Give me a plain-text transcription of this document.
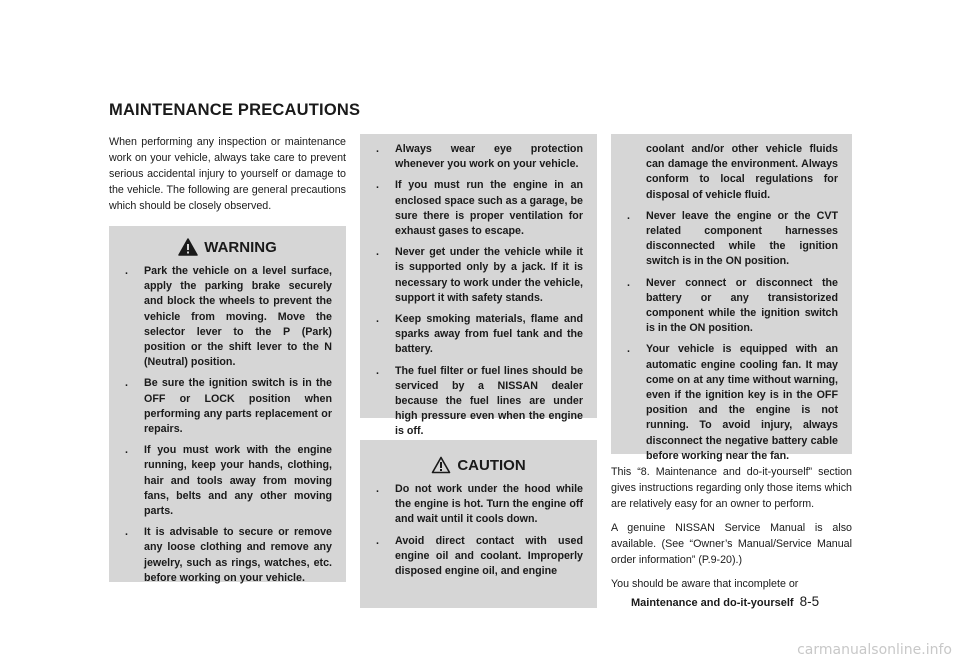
MAINTENANCE PRECAUTIONS

When performing any inspection or maintenance work on your vehicle, always take care to prevent serious accidental injury to yourself or damage to the vehicle. The following are general precautions which should be closely observed.

WARNING
. Park the vehicle on a level surface, apply the parking brake securely and block the wheels to prevent the vehicle from moving. Move the selector lever to the P (Park) position or the shift lever to the N (Neutral) position.
. Be sure the ignition switch is in the OFF or LOCK position when performing any parts replacement or repairs.
. If you must work with the engine running, keep your hands, clothing, hair and tools away from moving fans, belts and any other moving parts.
. It is advisable to secure or remove any loose clothing and remove any jewelry, such as rings, watches, etc. before working on your vehicle.
. Always wear eye protection whenever you work on your vehicle.
. If you must run the engine in an enclosed space such as a garage, be sure there is proper ventilation for exhaust gases to escape.
. Never get under the vehicle while it is supported only by a jack. If it is necessary to work under the vehicle, support it with safety stands.
. Keep smoking materials, flame and sparks away from fuel tank and the battery.
. The fuel filter or fuel lines should be serviced by a NISSAN dealer because the fuel lines are under high pressure even when the engine is off.
CAUTION
. Do not work under the hood while the engine is hot. Turn the engine off and wait until it cools down.
. Avoid direct contact with used engine oil and coolant. Improperly disposed engine oil, and engine
coolant and/or other vehicle fluids can damage the environment. Always conform to local regulations for disposal of vehicle fluid.
. Never leave the engine or the CVT related component harnesses disconnected while the ignition switch is in the ON position.
. Never connect or disconnect the battery or any transistorized component while the ignition switch is in the ON position.
. Your vehicle is equipped with an automatic engine cooling fan. It may come on at any time without warning, even if the ignition key is in the OFF position and the engine is not running. To avoid injury, always disconnect the negative battery cable before working near the fan.

This “8. Maintenance and do-it-yourself” section gives instructions regarding only those items which are relatively easy for an owner to perform.

A genuine NISSAN Service Manual is also available. (See “Owner’s Manual/Service Manual order information” (P.9-20).)

You should be aware that incomplete or

Maintenance and do-it-yourself 8-5
carmanualsonline.info
